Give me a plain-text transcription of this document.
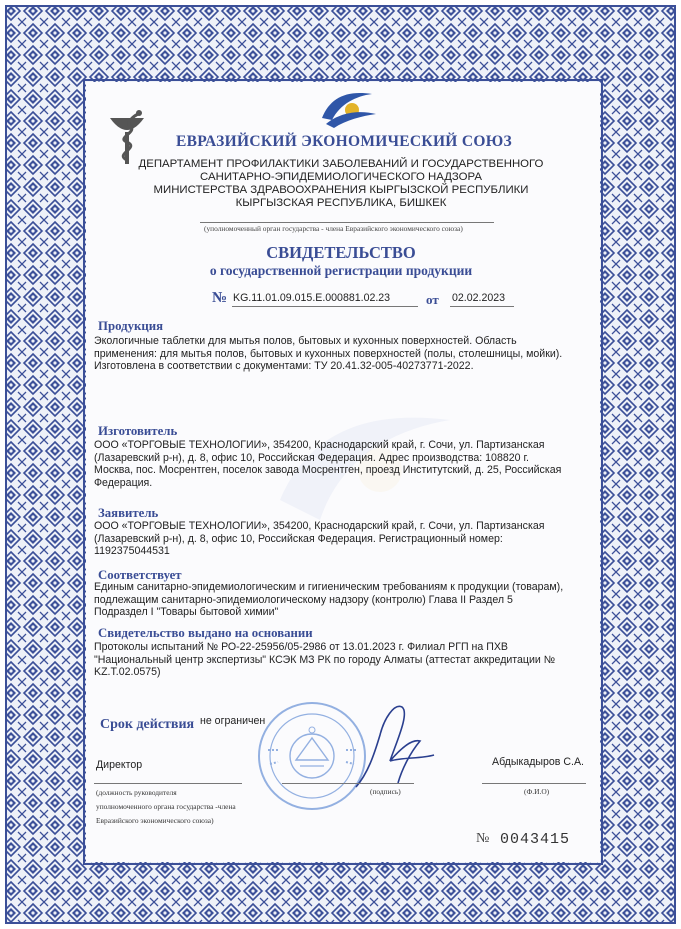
ЕВРАЗИЙСКИЙ ЭКОНОМИЧЕСКИЙ СОЮЗ
ДЕПАРТАМЕНТ ПРОФИЛАКТИКИ ЗАБОЛЕВАНИЙ И ГОСУДАРСТВЕННОГО
САНИТАРНО-ЭПИДЕМИОЛОГИЧЕСКОГО НАДЗОРА
МИНИСТЕРСТВА ЗДРАВООХРАНЕНИЯ КЫРГЫЗСКОЙ РЕСПУБЛИКИ
КЫРГЫЗСКАЯ РЕСПУБЛИКА, БИШКЕК
(уполномоченный орган государства - члена Евразийского экономического союза)
СВИДЕТЕЛЬСТВО
о государственной регистрации продукции
№ KG.11.01.09.015.E.000881.02.23	от 02.02.2023
Продукция
Экологичные таблетки для мытья полов, бытовых и кухонных поверхностей. Область
применения: для мытья полов, бытовых и кухонных поверхностей (полы, столешницы, мойки).
Изготовлена в соответствии с документами: ТУ 20.41.32-005-40273771-2022.
Изготовитель
ООО «ТОРГОВЫЕ ТЕХНОЛОГИИ», 354200, Краснодарский край, г. Сочи, ул. Партизанская
(Лазаревский р-н), д. 8, офис 10, Российская Федерация. Адрес производства: 108820 г.
Москва, пос. Мосрентген, поселок завода Мосрентген, проезд Институтский, д. 25, Российская
Федерация.
Заявитель
ООО «ТОРГОВЫЕ ТЕХНОЛОГИИ», 354200, Краснодарский край, г. Сочи, ул. Партизанская
(Лазаревский р-н), д. 8, офис 10, Российская Федерация. Регистрационный номер:
1192375044531
Соответствует
Единым санитарно-эпидемиологическим и гигиеническим требованиям к продукции (товарам),
подлежащим санитарно-эпидемиологическому надзору (контролю) Глава II Раздел 5
Подраздел I "Товары бытовой химии"
Свидетельство выдано на основании
Протоколы испытаний № РО-22-25956/05-2986 от 13.01.2023 г. Филиал РГП на ПХВ
"Национальный центр экспертизы" КСЭК МЗ РК по городу Алматы (аттестат аккредитации №
KZ.T.02.0575)
Срок действия не ограничен
Директор
(должность руководителя
уполномоченного органа государства -члена
Евразийского экономического союза)
(подпись)
Абдыкадыров С.А.
(Ф.И.О)
№ 0043415
